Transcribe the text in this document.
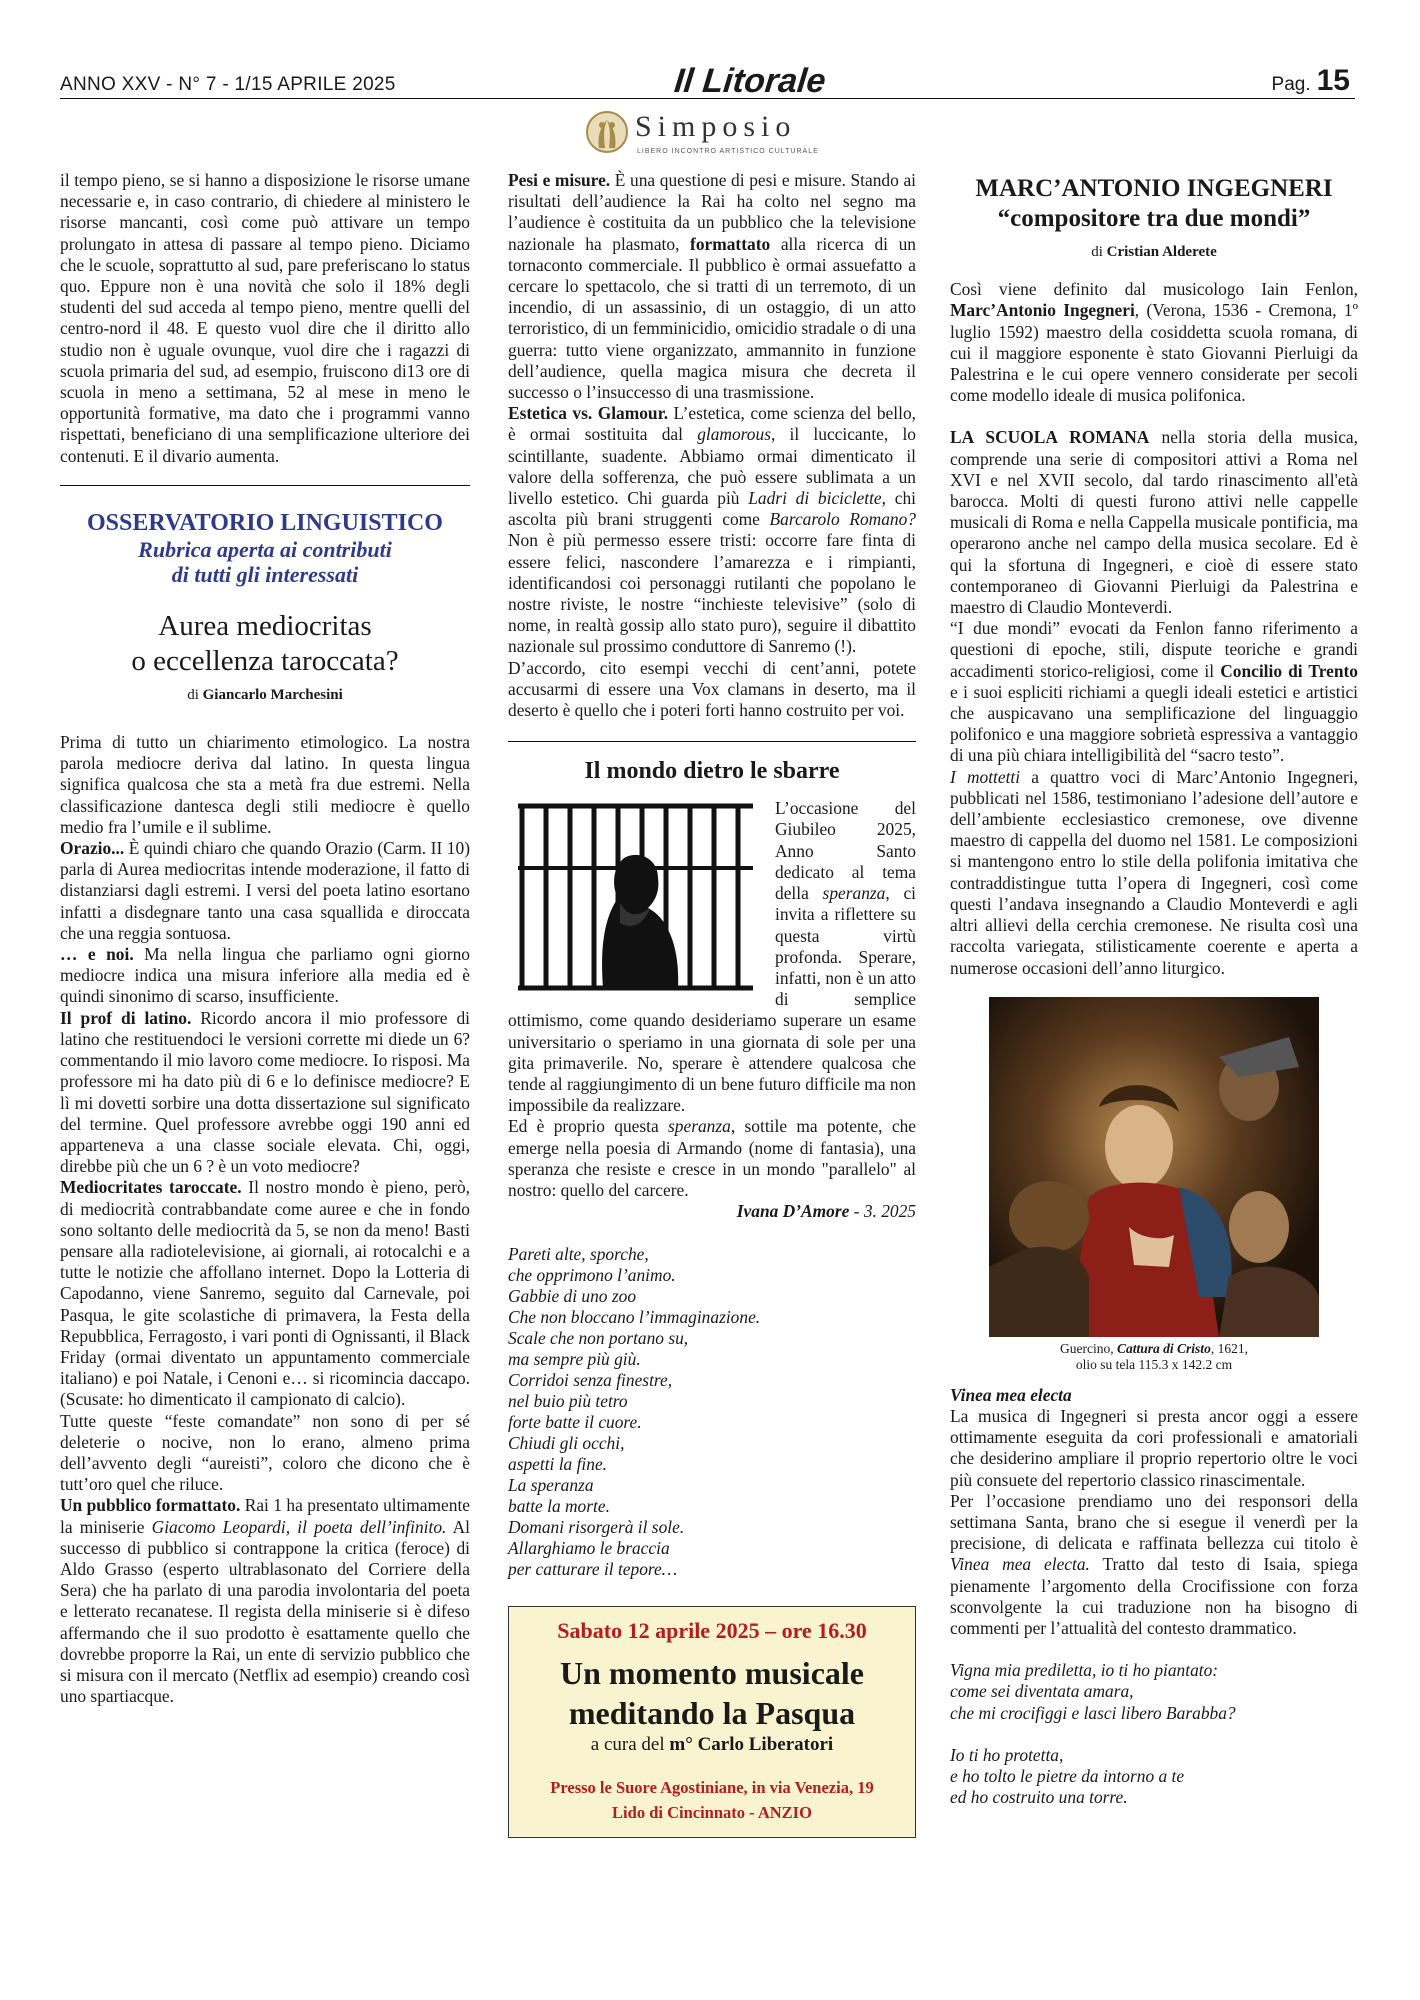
ANNO XXV - N° 7 - 1/15 APRILE 2025	Il Litorale	Pag. 15
Simposio
LIBERO INCONTRO ARTISTICO CULTURALE

il tempo pieno, se si hanno a disposizione le risorse umane necessarie e, in caso contrario, di chiedere al ministero le risorse mancanti, così come può attivare un tempo prolungato in attesa di passare al tempo pieno. Diciamo che le scuole, soprattutto al sud, pare preferiscano lo status quo. Eppure non è una novità che solo il 18% degli studenti del sud acceda al tempo pieno, mentre quelli del centro-nord il 48. E questo vuol dire che il diritto allo studio non è uguale ovunque, vuol dire che i ragazzi di scuola primaria del sud, ad esempio, fruiscono di13 ore di scuola in meno a settimana, 52 al mese in meno le opportunità formative, ma dato che i programmi vanno rispettati, beneficiano di una semplificazione ulteriore dei contenuti. E il divario aumenta.

OSSERVATORIO LINGUISTICO
Rubrica aperta ai contributi
di tutti gli interessati
Aurea mediocritas
o eccellenza taroccata?
di Giancarlo Marchesini

Prima di tutto un chiarimento etimologico. La nostra parola mediocre deriva dal latino. In questa lingua significa qualcosa che sta a metà fra due estremi. Nella classificazione dantesca degli stili mediocre è quello medio fra l’umile e il sublime.

Orazio... È quindi chiaro che quando Orazio (Carm. II 10) parla di Aurea mediocritas intende moderazione, il fatto di distanziarsi dagli estremi. I versi del poeta latino esortano infatti a disdegnare tanto una casa squallida e diroccata che una reggia sontuosa.

… e noi. Ma nella lingua che parliamo ogni giorno mediocre indica una misura inferiore alla media ed è quindi sinonimo di scarso, insufficiente.

Il prof di latino. Ricordo ancora il mio professore di latino che restituendoci le versioni corrette mi diede un 6? commentando il mio lavoro come mediocre. Io risposi. Ma professore mi ha dato più di 6 e lo definisce mediocre? E lì mi dovetti sorbire una dotta dissertazione sul significato del termine. Quel professore avrebbe oggi 190 anni ed apparteneva a una classe sociale elevata. Chi, oggi, direbbe più che un 6 ? è un voto mediocre?

Mediocritates taroccate. Il nostro mondo è pieno, però, di mediocrità contrabbandate come auree e che in fondo sono soltanto delle mediocrità da 5, se non da meno! Basti pensare alla radiotelevisione, ai giornali, ai rotocalchi e a tutte le notizie che affollano internet. Dopo la Lotteria di Capodanno, viene Sanremo, seguito dal Carnevale, poi Pasqua, le gite scolastiche di primavera, la Festa della Repubblica, Ferragosto, i vari ponti di Ognissanti, il Black Friday (ormai diventato un appuntamento commerciale italiano) e poi Natale, i Cenoni e… si ricomincia daccapo. (Scusate: ho dimenticato il campionato di calcio).

Tutte queste “feste comandate” non sono di per sé deleterie o nocive, non lo erano, almeno prima dell’avvento degli “aureisti”, coloro che dicono che è tutt’oro quel che riluce.

Un pubblico formattato. Rai 1 ha presentato ultimamente la miniserie Giacomo Leopardi, il poeta dell’infinito. Al successo di pubblico si contrappone la critica (feroce) di Aldo Grasso (esperto ultrablasonato del Corriere della Sera) che ha parlato di una parodia involontaria del poeta e letterato recanatese. Il regista della miniserie si è difeso affermando che il suo prodotto è esattamente quello che dovrebbe proporre la Rai, un ente di servizio pubblico che si misura con il mercato (Netflix ad esempio) creando così uno spartiacque.

Pesi e misure. È una questione di pesi e misure. Stando ai risultati dell’audience la Rai ha colto nel segno ma l’audience è costituita da un pubblico che la televisione nazionale ha plasmato, formattato alla ricerca di un tornaconto commerciale. Il pubblico è ormai assuefatto a cercare lo spettacolo, che si tratti di un terremoto, di un incendio, di un assassinio, di un ostaggio, di un atto terroristico, di un femminicidio, omicidio stradale o di una guerra: tutto viene organizzato, ammannito in funzione dell’audience, quella magica misura che decreta il successo o l’insuccesso di una trasmissione.

Estetica vs. Glamour. L’estetica, come scienza del bello, è ormai sostituita dal glamorous, il luccicante, lo scintillante, suadente. Abbiamo ormai dimenticato il valore della sofferenza, che può essere sublimata a un livello estetico. Chi guarda più Ladri di biciclette, chi ascolta più brani struggenti come Barcarolo Romano? Non è più permesso essere tristi: occorre fare finta di essere felici, nascondere l’amarezza e i rimpianti, identificandosi coi personaggi rutilanti che popolano le nostre riviste, le nostre “inchieste televisive” (solo di nome, in realtà gossip allo stato puro), seguire il dibattito nazionale sul prossimo conduttore di Sanremo (!).

D’accordo, cito esempi vecchi di cent’anni, potete accusarmi di essere una Vox clamans in deserto, ma il deserto è quello che i poteri forti hanno costruito per voi.

Il mondo dietro le sbarre

L’occasione del Giubileo 2025, Anno Santo dedicato al tema della speranza, ci invita a riflettere su questa virtù profonda. Sperare, infatti, non è un atto di semplice ottimismo, come quando desideriamo superare un esame universitario o speriamo in una giornata di sole per una gita primaverile. No, sperare è attendere qualcosa che tende al raggiungimento di un bene futuro difficile ma non impossibile da realizzare.

Ed è proprio questa speranza, sottile ma potente, che emerge nella poesia di Armando (nome di fantasia), una speranza che resiste e cresce in un mondo "parallelo" al nostro: quello del carcere.

Ivana D’Amore - 3. 2025

Pareti alte, sporche,
che opprimono l’animo.
Gabbie di uno zoo
Che non bloccano l’immaginazione.
Scale che non portano su,
ma sempre più giù.
Corridoi senza finestre,
nel buio più tetro
forte batte il cuore.
Chiudi gli occhi,
aspetti la fine.
La speranza
batte la morte.
Domani risorgerà il sole.
Allarghiamo le braccia
per catturare il tepore…
Sabato 12 aprile 2025 – ore 16.30
Un momento musicale
meditando la Pasqua
a cura del m° Carlo Liberatori
Presso le Suore Agostiniane, in via Venezia, 19
Lido di Cincinnato - ANZIO
MARC’ANTONIO INGEGNERI
“compositore tra due mondi”
di Cristian Alderete

Così viene definito dal musicologo Iain Fenlon, Marc’Antonio Ingegneri, (Verona, 1536 - Cremona, 1º luglio 1592) maestro della cosiddetta scuola romana, di cui il maggiore esponente è stato Giovanni Pierluigi da Palestrina e le cui opere vennero considerate per secoli come modello ideale di musica polifonica.

LA SCUOLA ROMANA nella storia della musica, comprende una serie di compositori attivi a Roma nel XVI e nel XVII secolo, dal tardo rinascimento all'età barocca. Molti di questi furono attivi nelle cappelle musicali di Roma e nella Cappella musicale pontificia, ma operarono anche nel campo della musica secolare. Ed è qui la sfortuna di Ingegneri, e cioè di essere stato contemporaneo di Giovanni Pierluigi da Palestrina e maestro di Claudio Monteverdi.

“I due mondi” evocati da Fenlon fanno riferimento a questioni di epoche, stili, dispute teoriche e grandi accadimenti storico-religiosi, come il Concilio di Trento e i suoi espliciti richiami a quegli ideali estetici e artistici che auspicavano una semplificazione del linguaggio polifonico e una maggiore sobrietà espressiva a vantaggio di una più chiara intelligibilità del “sacro testo”.

I mottetti a quattro voci di Marc’Antonio Ingegneri, pubblicati nel 1586, testimoniano l’adesione dell’autore e dell’ambiente ecclesiastico cremonese, ove divenne maestro di cappella del duomo nel 1581. Le composizioni si mantengono entro lo stile della polifonia imitativa che contraddistingue tutta l’opera di Ingegneri, così come questi l’andava insegnando a Claudio Monteverdi e agli altri allievi della cerchia cremonese. Ne risulta così una raccolta variegata, stilisticamente coerente e aperta a numerose occasioni dell’anno liturgico.

Guercino, Cattura di Cristo, 1621,
olio su tela 115.3 x 142.2 cm
Vinea mea electa

La musica di Ingegneri si presta ancor oggi a essere ottimamente eseguita da cori professionali e amatoriali che desiderino ampliare il proprio repertorio oltre le voci più consuete del repertorio classico rinascimentale.

Per l’occasione prendiamo uno dei responsori della settimana Santa, brano che si esegue il venerdì per la precisione, di delicata e raffinata bellezza cui titolo è Vinea mea electa. Tratto dal testo di Isaia, spiega pienamente l’argomento della Crocifissione con forza sconvolgente la cui traduzione non ha bisogno di commenti per l’attualità del contesto drammatico.

Vigna mia prediletta, io ti ho piantato:
come sei diventata amara,
che mi crocifiggi e lasci libero Barabba?
Io ti ho protetta,
e ho tolto le pietre da intorno a te
ed ho costruito una torre.
